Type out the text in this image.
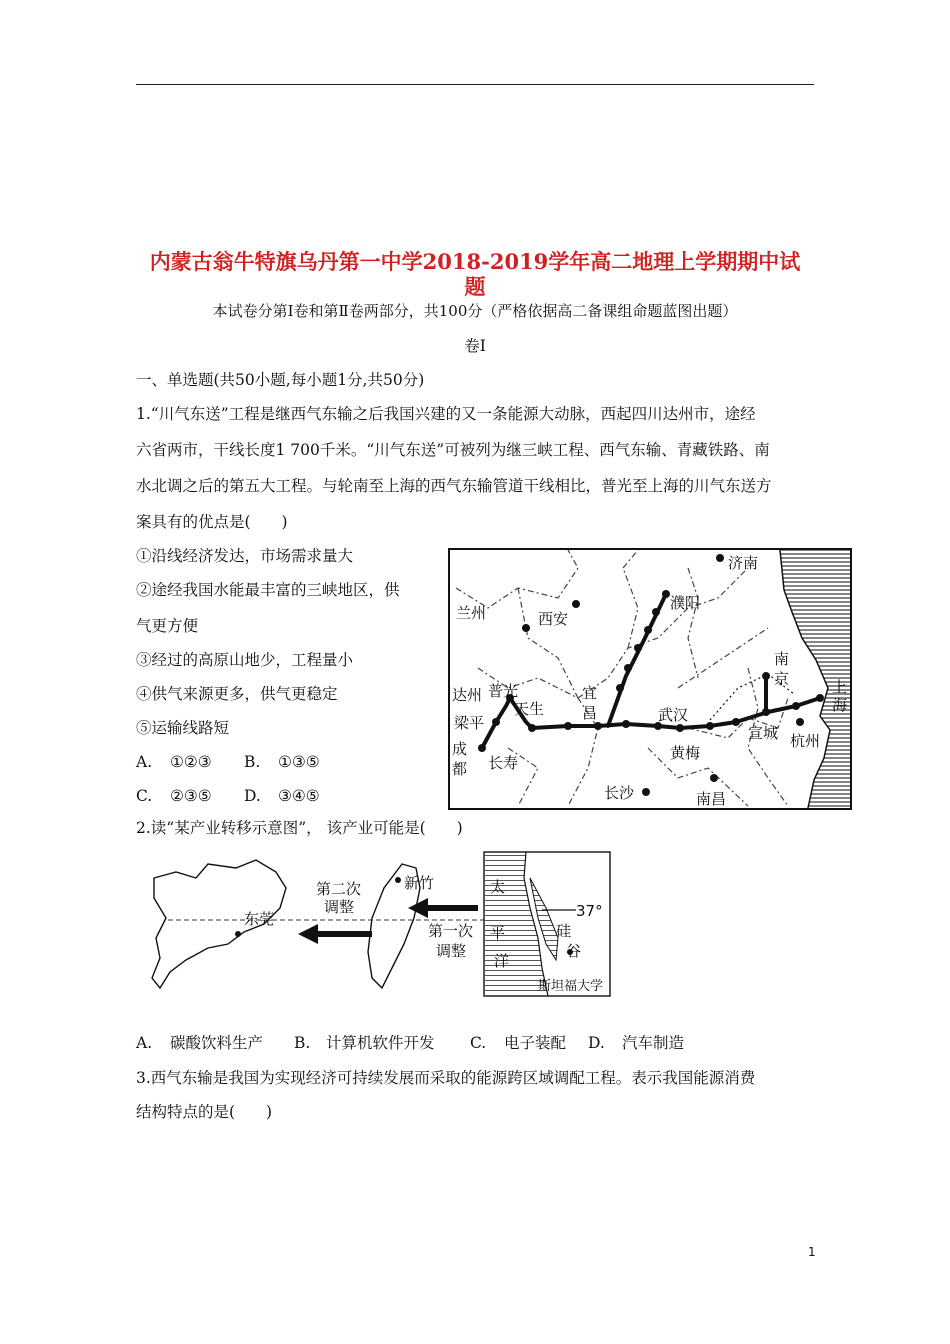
内蒙古翁牛特旗乌丹第一中学2018-2019学年高二地理上学期期中试
题
本试卷分第Ⅰ卷和第Ⅱ卷两部分，共100分（严格依据高二备课组命题蓝图出题）
卷Ⅰ
一、单选题(共50小题,每小题1分,共50分)
1.“川气东送”工程是继西气东输之后我国兴建的又一条能源大动脉，西起四川达州市，途经
六省两市，干线长度1 700千米。“川气东送”可被列为继三峡工程、西气东输、青藏铁路、南
水北调之后的第五大工程。与轮南至上海的西气东输管道干线相比，普光至上海的川气东送方
案具有的优点是(　　)
①沿线经济发达，市场需求量大
②途经我国水能最丰富的三峡地区，供
气更方便
③经过的高原山地少，工程量小
④供气来源更多，供气更稳定
⑤运输线路短
A. ①②③ B. ①③⑤
C. ②③⑤ D. ③④⑤
济南
兰州	西安
濮阳
南
京	上
海
达州 普光
天生
宜
昌	武汉
梁平
宣城 杭州
成
都 长寿
黄梅
长沙	南昌
2.读“某产业转移示意图”， 该产业可能是(　　)
第二次
调整
第一次
调整
新竹
东莞
太
平
洋
37°
硅
谷
斯坦福大学
A. 碳酸饮料生产 B. 计算机软件开发 C. 电子装配 D. 汽车制造
3.西气东输是我国为实现经济可持续发展而采取的能源跨区域调配工程。表示我国能源消费
结构特点的是(　　)
1
